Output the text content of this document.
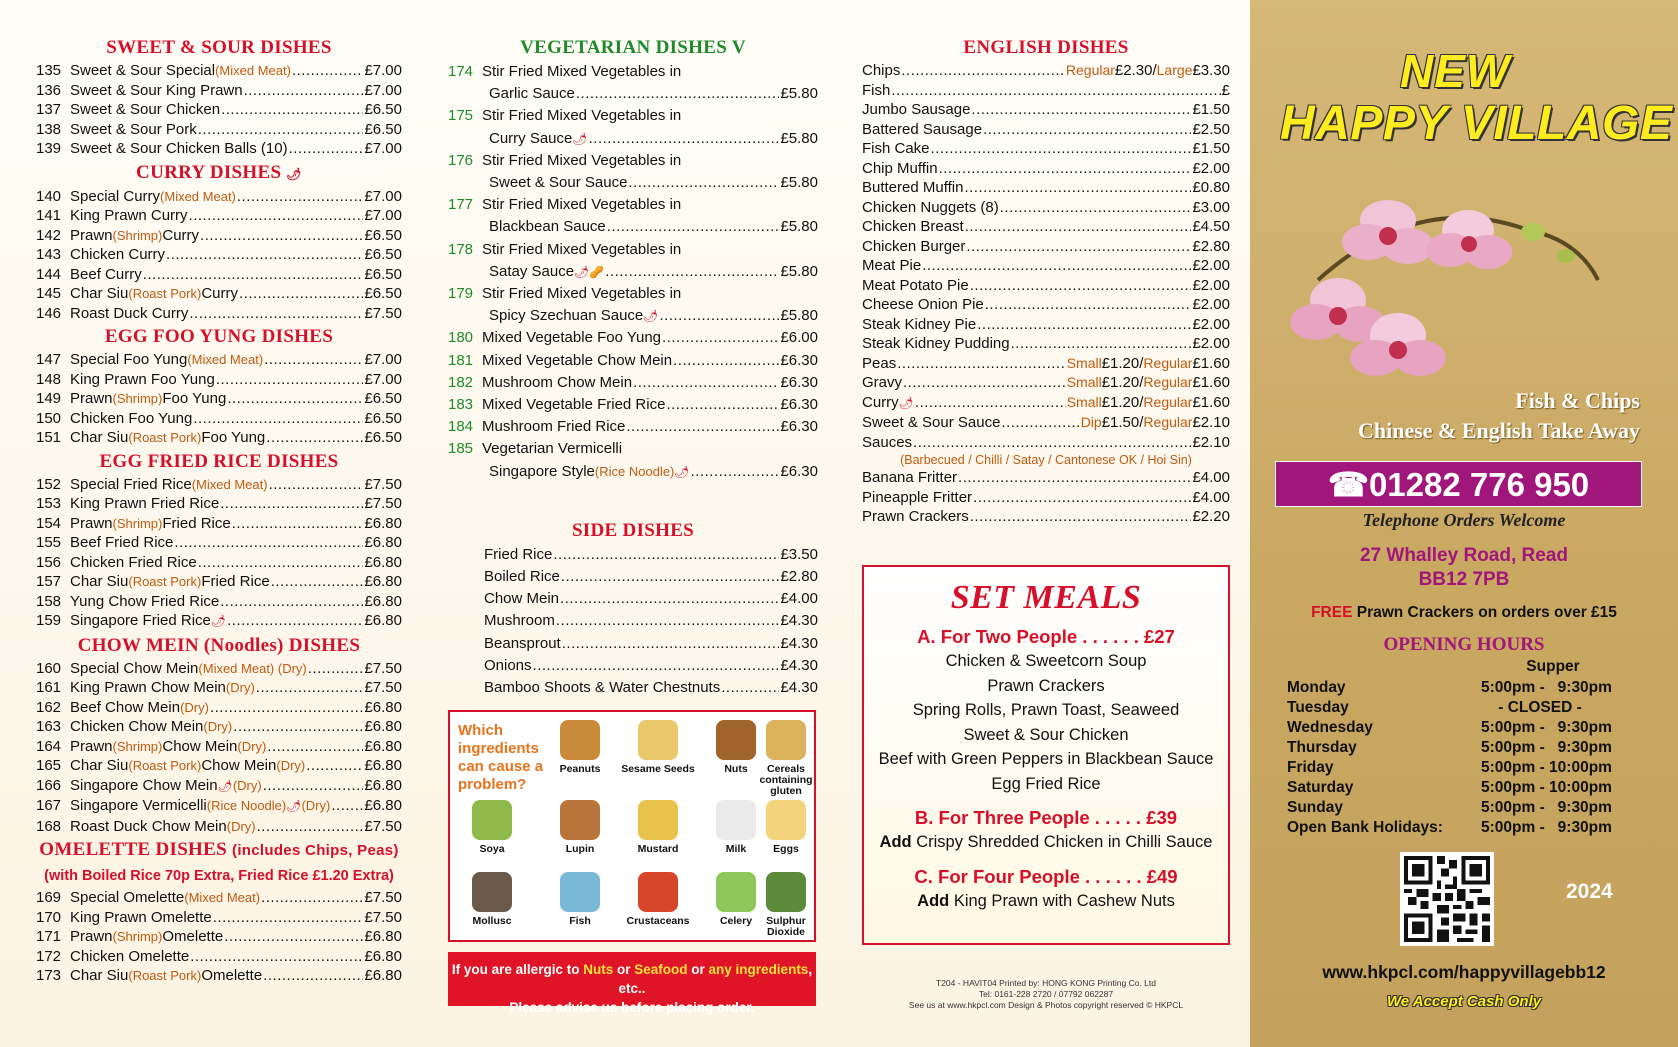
SWEET & SOUR DISHES
135 Sweet & Sour Special (Mixed Meat) .....	£7.00
136 Sweet & Sour King Prawn .....	£7.00
137 Sweet & Sour Chicken .....	£6.50
138 Sweet & Sour Pork .....	£6.50
139 Sweet & Sour Chicken Balls (10) .....	£7.00
CURRY DISHES 🌶
140 Special Curry (Mixed Meat) .....	£7.00
141 King Prawn Curry .....	£7.00
142 Prawn (Shrimp) Curry .....	£6.50
143 Chicken Curry .....	£6.50
144 Beef Curry .....	£6.50
145 Char Siu (Roast Pork) Curry .....	£6.50
146 Roast Duck Curry .....	£7.50
EGG FOO YUNG DISHES
147 Special Foo Yung (Mixed Meat) .....	£7.00
148 King Prawn Foo Yung .....	£7.00
149 Prawn (Shrimp) Foo Yung .....	£6.50
150 Chicken Foo Yung .....	£6.50
151 Char Siu (Roast Pork) Foo Yung .....	£6.50
EGG FRIED RICE DISHES
152 Special Fried Rice (Mixed Meat) .....	£7.50
153 King Prawn Fried Rice .....	£7.50
154 Prawn (Shrimp) Fried Rice .....	£6.80
155 Beef Fried Rice .....	£6.80
156 Chicken Fried Rice .....	£6.80
157 Char Siu (Roast Pork) Fried Rice .....	£6.80
158 Yung Chow Fried Rice .....	£6.80
159 Singapore Fried Rice 🌶 .....	£6.80
CHOW MEIN (Noodles) DISHES
160 Special Chow Mein (Mixed Meat) (Dry) .....	£7.50
161 King Prawn Chow Mein (Dry) .....	£7.50
162 Beef Chow Mein (Dry) .....	£6.80
163 Chicken Chow Mein (Dry) .....	£6.80
164 Prawn (Shrimp) Chow Mein (Dry) .....	£6.80
165 Char Siu (Roast Pork) Chow Mein (Dry) .....	£6.80
166 Singapore Chow Mein 🌶 (Dry) .....	£6.80
167 Singapore Vermicelli (Rice Noodle) 🌶 (Dry) ..... £6.80
168 Roast Duck Chow Mein (Dry) .....	£7.50
OMELETTE DISHES (includes Chips, Peas)
(with Boiled Rice 70p Extra, Fried Rice £1.20 Extra)
169 Special Omelette (Mixed Meat) .....	£7.50
170 King Prawn Omelette .....	£7.50
171 Prawn (Shrimp) Omelette .....	£6.80
172 Chicken Omelette .....	£6.80
173 Char Siu (Roast Pork) Omelette .....	£6.80
VEGETARIAN DISHES V
174 Stir Fried Mixed Vegetables in
Garlic Sauce .....	£5.80
175 Stir Fried Mixed Vegetables in
Curry Sauce 🌶 .....	£5.80
176 Stir Fried Mixed Vegetables in
Sweet & Sour Sauce .....	£5.80
177 Stir Fried Mixed Vegetables in
Blackbean Sauce .....	£5.80
178 Stir Fried Mixed Vegetables in
Satay Sauce 🌶🥜 .....	£5.80
179 Stir Fried Mixed Vegetables in
Spicy Szechuan Sauce 🌶 .....	£5.80
180 Mixed Vegetable Foo Yung .....	£6.00
181 Mixed Vegetable Chow Mein .....	£6.30
182 Mushroom Chow Mein .....	£6.30
183 Mixed Vegetable Fried Rice .....	£6.30
184 Mushroom Fried Rice .....	£6.30
185 Vegetarian Vermicelli
Singapore Style (Rice Noodle) 🌶 .....	£6.30
SIDE DISHES
Fried Rice .....	£3.50
Boiled Rice .....	£2.80
Chow Mein .....	£4.00
Mushroom .....	£4.30
Beansprout .....	£4.30
Onions .....	£4.30
Bamboo Shoots & Water Chestnuts .....	£4.30
Which ingredients can cause a problem?
Peanuts	Sesame Seeds	Nuts	Cereals containing gluten
Soya	Lupin	Mustard	Milk	Eggs
Mollusc	Fish	Crustaceans	Celery	Sulphur Dioxide
If you are allergic to Nuts or Seafood or any ingredients, etc..
Please advise us before placing order.
ENGLISH DISHES
Chips .....	Regular £2.30 / Large £3.30
Fish .....	£
Jumbo Sausage .....	£1.50
Battered Sausage .....	£2.50
Fish Cake .....	£1.50
Chip Muffin .....	£2.00
Buttered Muffin .....	£0.80
Chicken Nuggets (8) .....	£3.00
Chicken Breast .....	£4.50
Chicken Burger .....	£2.80
Meat Pie .....	£2.00
Meat Potato Pie .....	£2.00
Cheese Onion Pie .....	£2.00
Steak Kidney Pie .....	£2.00
Steak Kidney Pudding .....	£2.00
Peas .....	Small £1.20 / Regular £1.60
Gravy .....	Small £1.20 / Regular £1.60
Curry 🌶 .....	Small £1.20 / Regular £1.60
Sweet & Sour Sauce .....	Dip £1.50 / Regular £2.10
Sauces .....	£2.10
(Barbecued / Chilli / Satay / Cantonese OK / Hoi Sin)
Banana Fritter .....	£4.00
Pineapple Fritter .....	£4.00
Prawn Crackers .....	£2.20
SET MEALS
A. For Two People . . . . . . £27
Chicken & Sweetcorn Soup
Prawn Crackers
Spring Rolls, Prawn Toast, Seaweed
Sweet & Sour Chicken
Beef with Green Peppers in Blackbean Sauce
Egg Fried Rice
B. For Three People . . . . . £39
Add Crispy Shredded Chicken in Chilli Sauce
C. For Four People . . . . . . £49
Add King Prawn with Cashew Nuts
T204 - HAVIT04 Printed by: HONG KONG Printing Co. Ltd
Tel: 0161-228 2720 / 07792 062287
See us at www.hkpcl.com Design & Photos copyright reserved © HKPCL
NEW
HAPPY VILLAGE
Fish & Chips
Chinese & English Take Away
☎01282 776 950
Telephone Orders Welcome
27 Whalley Road, Read
BB12 7PB
FREE Prawn Crackers on orders over £15
OPENING HOURS
Supper
Monday	5:00pm -   9:30pm
Tuesday	- CLOSED -
Wednesday	5:00pm -   9:30pm
Thursday	5:00pm -   9:30pm
Friday	5:00pm - 10:00pm
Saturday	5:00pm - 10:00pm
Sunday	5:00pm -   9:30pm
Open Bank Holidays:	5:00pm -   9:30pm
2024
www.hkpcl.com/happyvillagebb12
We Accept Cash Only
